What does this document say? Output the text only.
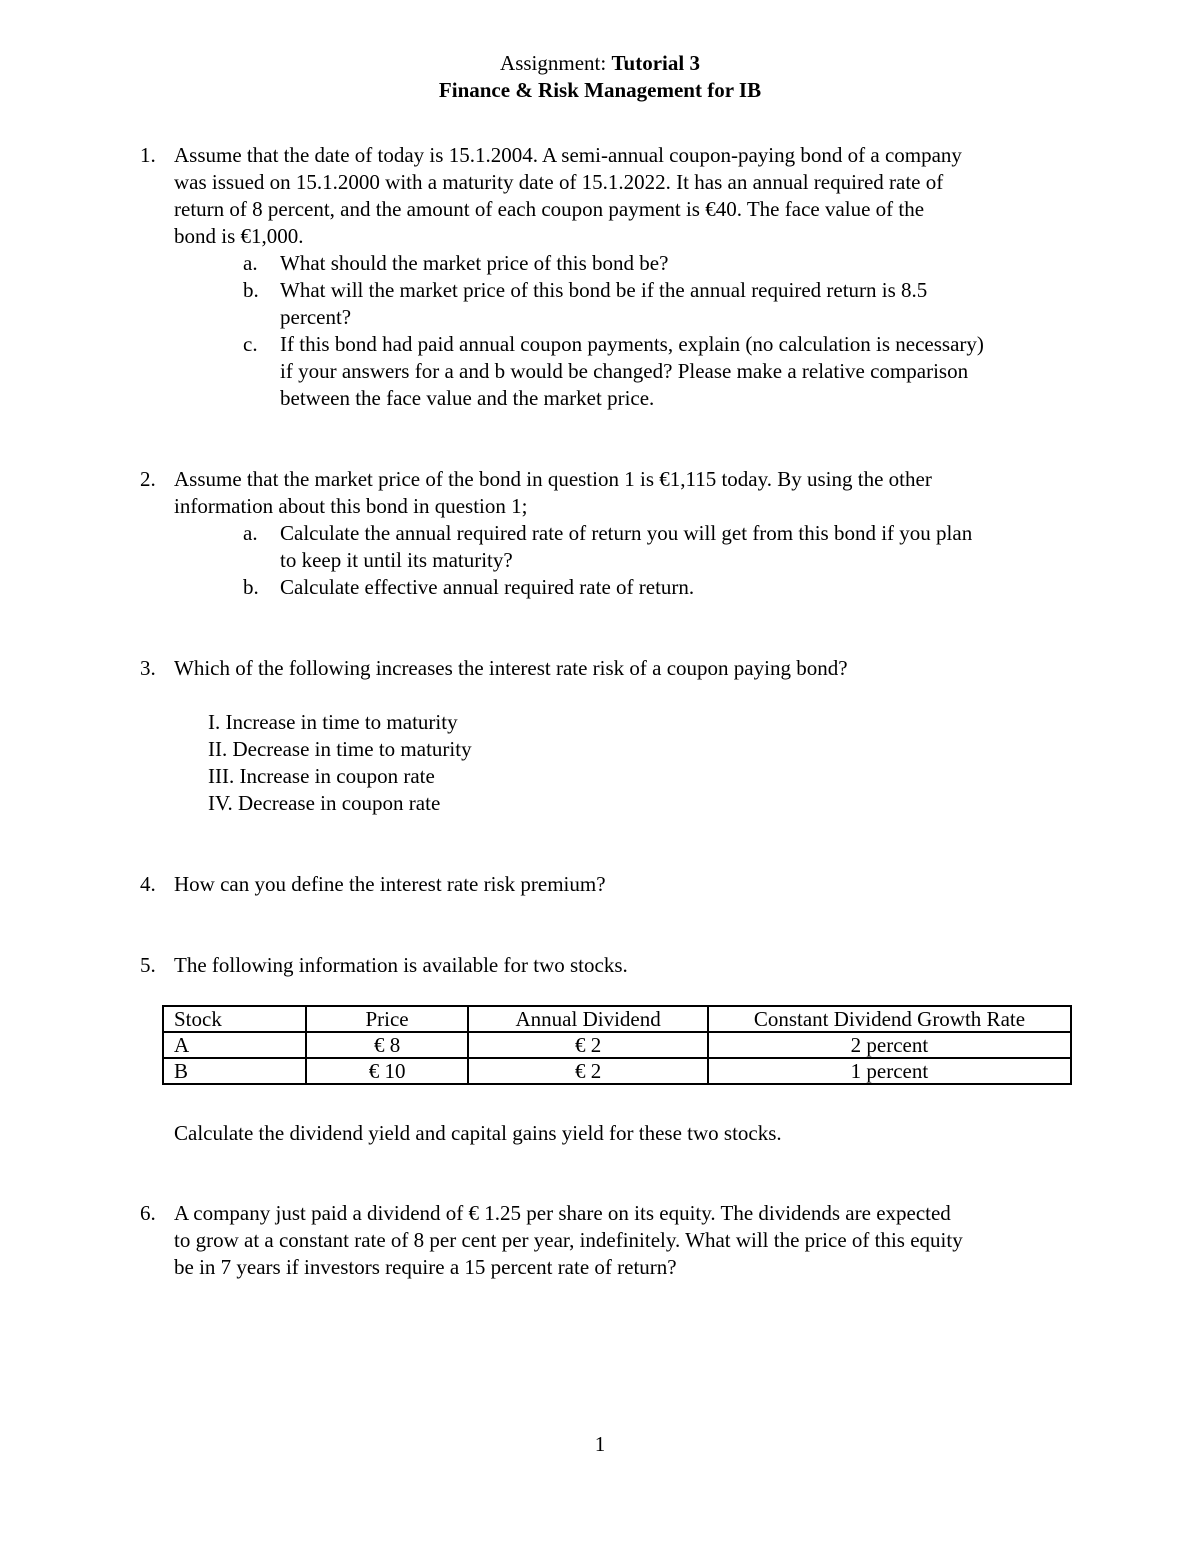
Assignment: Tutorial 3
Finance & Risk Management for IB
1. Assume that the date of today is 15.1.2004. A semi-annual coupon-paying bond of a company
was issued on 15.1.2000 with a maturity date of 15.1.2022. It has an annual required rate of
return of 8 percent, and the amount of each coupon payment is €40. The face value of the
bond is €1,000.
a. What should the market price of this bond be?
b. What will the market price of this bond be if the annual required return is 8.5
percent?
c. If this bond had paid annual coupon payments, explain (no calculation is necessary)
if your answers for a and b would be changed? Please make a relative comparison
between the face value and the market price.
2. Assume that the market price of the bond in question 1 is €1,115 today. By using the other
information about this bond in question 1;
a. Calculate the annual required rate of return you will get from this bond if you plan
to keep it until its maturity?
b. Calculate effective annual required rate of return.
3. Which of the following increases the interest rate risk of a coupon paying bond?
I. Increase in time to maturity
II. Decrease in time to maturity
III. Increase in coupon rate
IV. Decrease in coupon rate
4. How can you define the interest rate risk premium?
5. The following information is available for two stocks.
Stock	Price	Annual Dividend	Constant Dividend Growth Rate
A	€ 8	€ 2	2 percent
B	€ 10	€ 2	1 percent
Calculate the dividend yield and capital gains yield for these two stocks.
6. A company just paid a dividend of € 1.25 per share on its equity. The dividends are expected
to grow at a constant rate of 8 per cent per year, indefinitely. What will the price of this equity
be in 7 years if investors require a 15 percent rate of return?
1
